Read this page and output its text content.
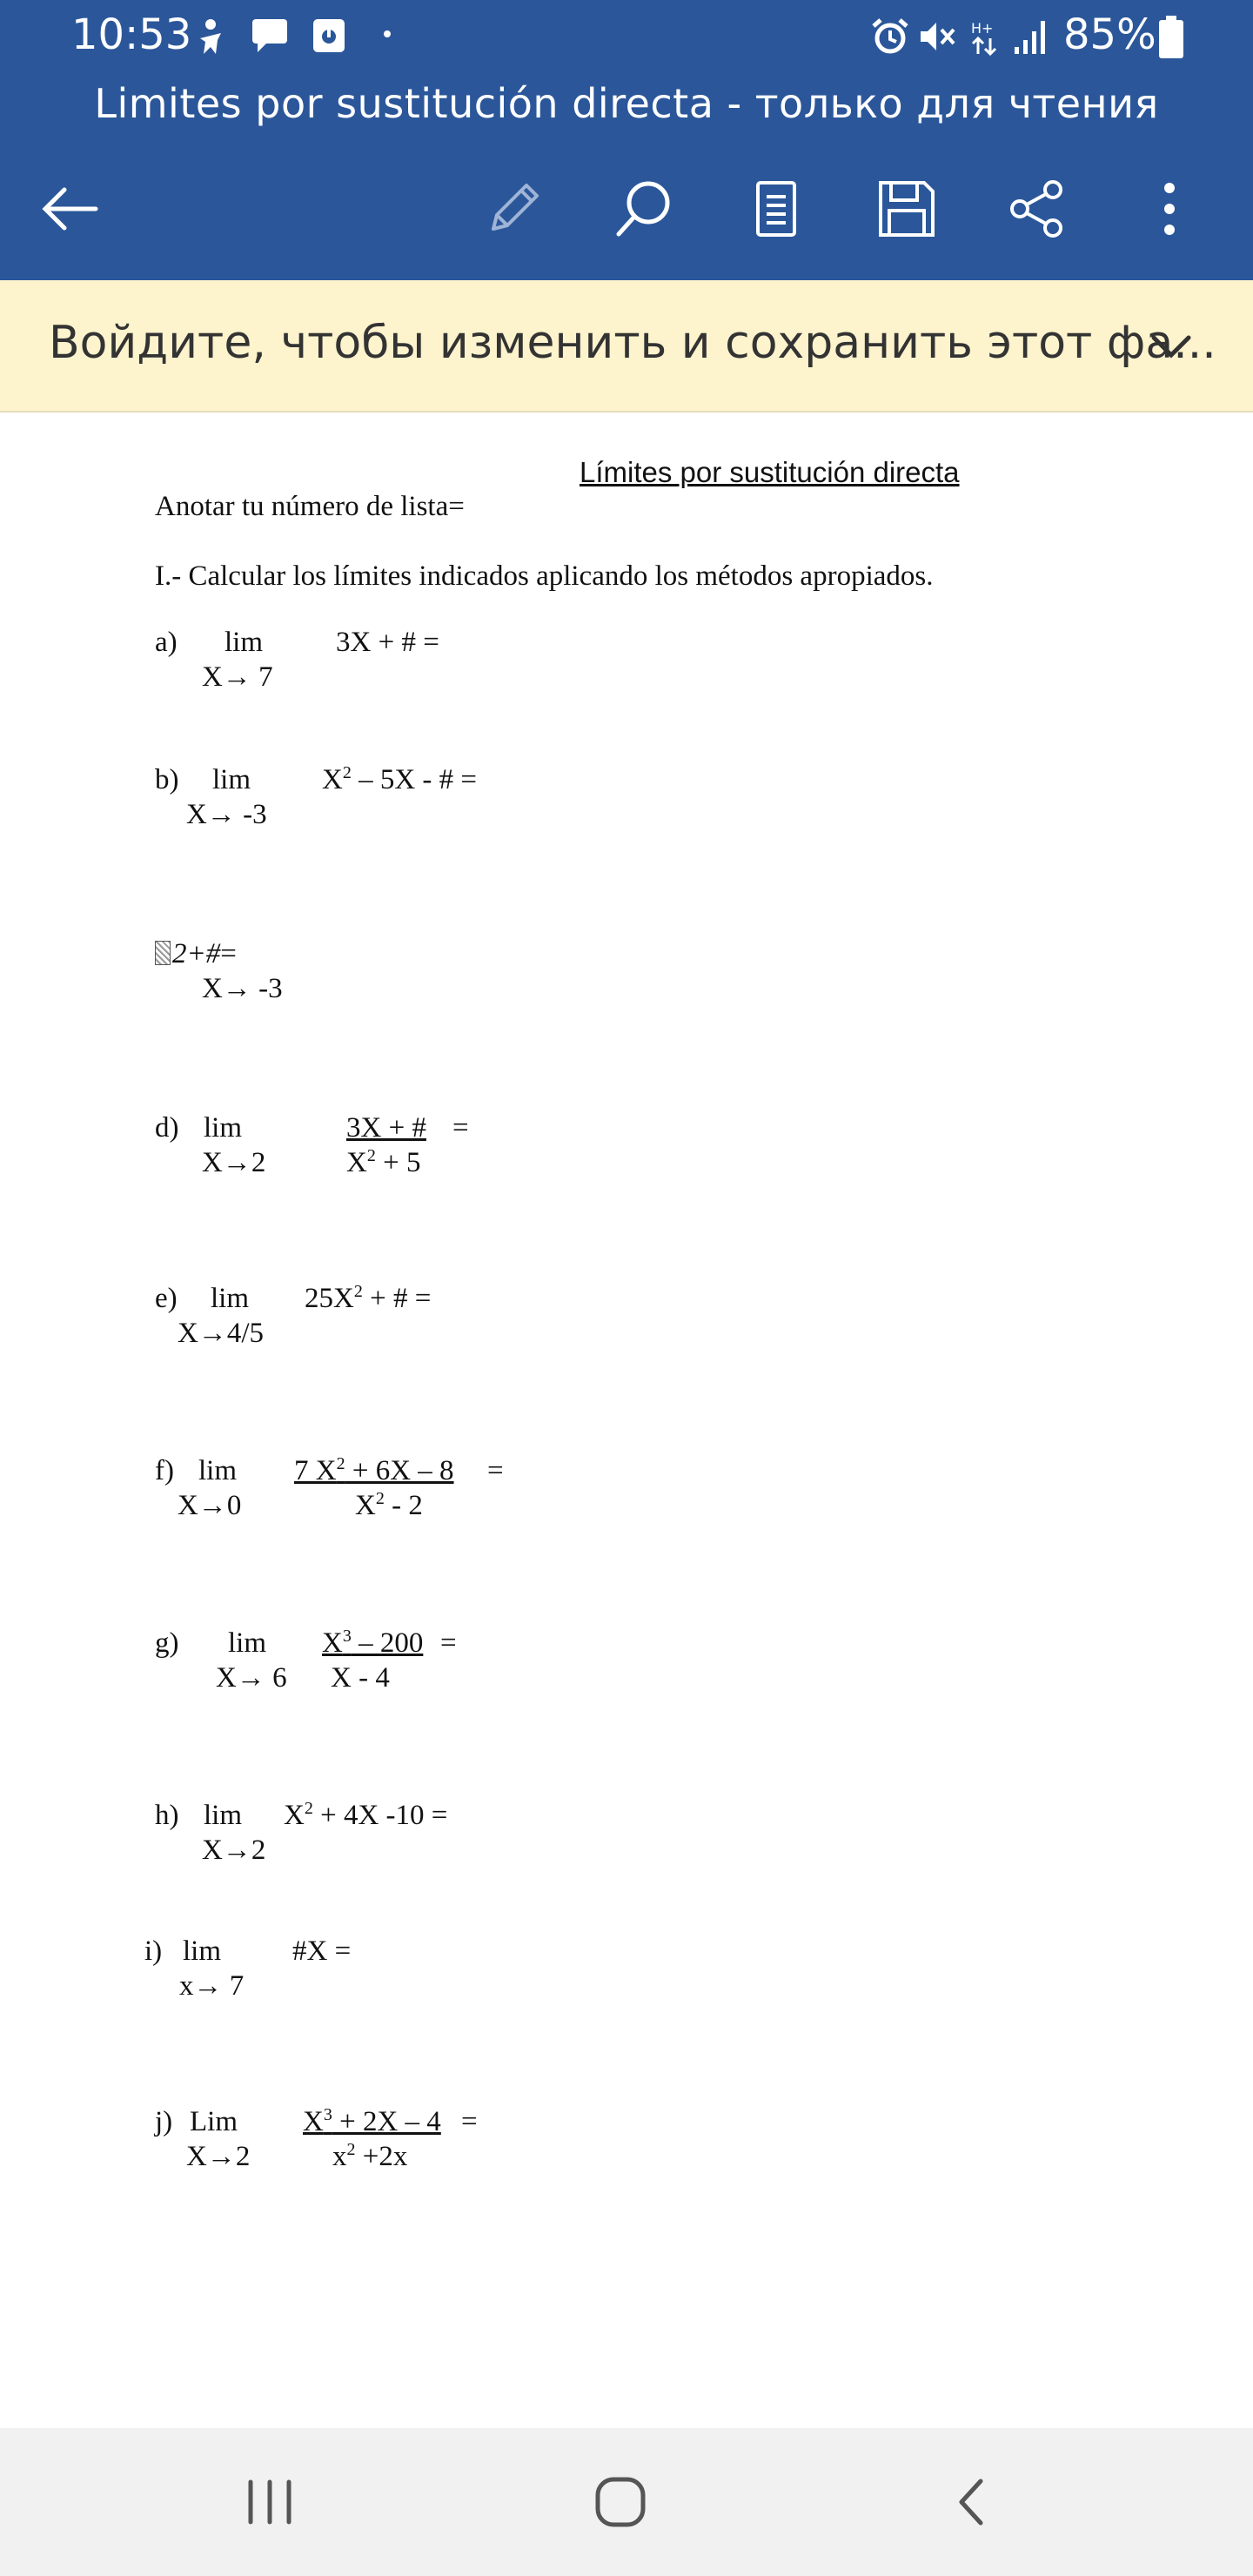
10:53	H+ 85%
Limites por sustitución directa - только для чтения
Войдите, чтобы изменить и сохранить этот фа...
Límites por sustitución directa
Anotar tu número de lista=
I.- Calcular los límites indicados aplicando los métodos apropiados.
a) lim
X→ 7
3X + # =
b) lim
X→ -3
$X^2 - 5X$ - # =
2+#=
X→ -3
d) lim
X→2
3X + # =
$X^2 + 5$
e) lim
X→4/5
$25X^2$ + # =
f) lim
X→0
7 $X^2 + 6X - 8$ =
$X^2 - 2$
g) lim
X→ 6
$X^3 - 200$ =
X - 4
h) lim
X→2
$X^2 + 4X$ -10 =
i) lim
x→ 7
#X =
j) Lim
X→2
$X^3 + 2X - 4$ =
$x^2 +2x$
